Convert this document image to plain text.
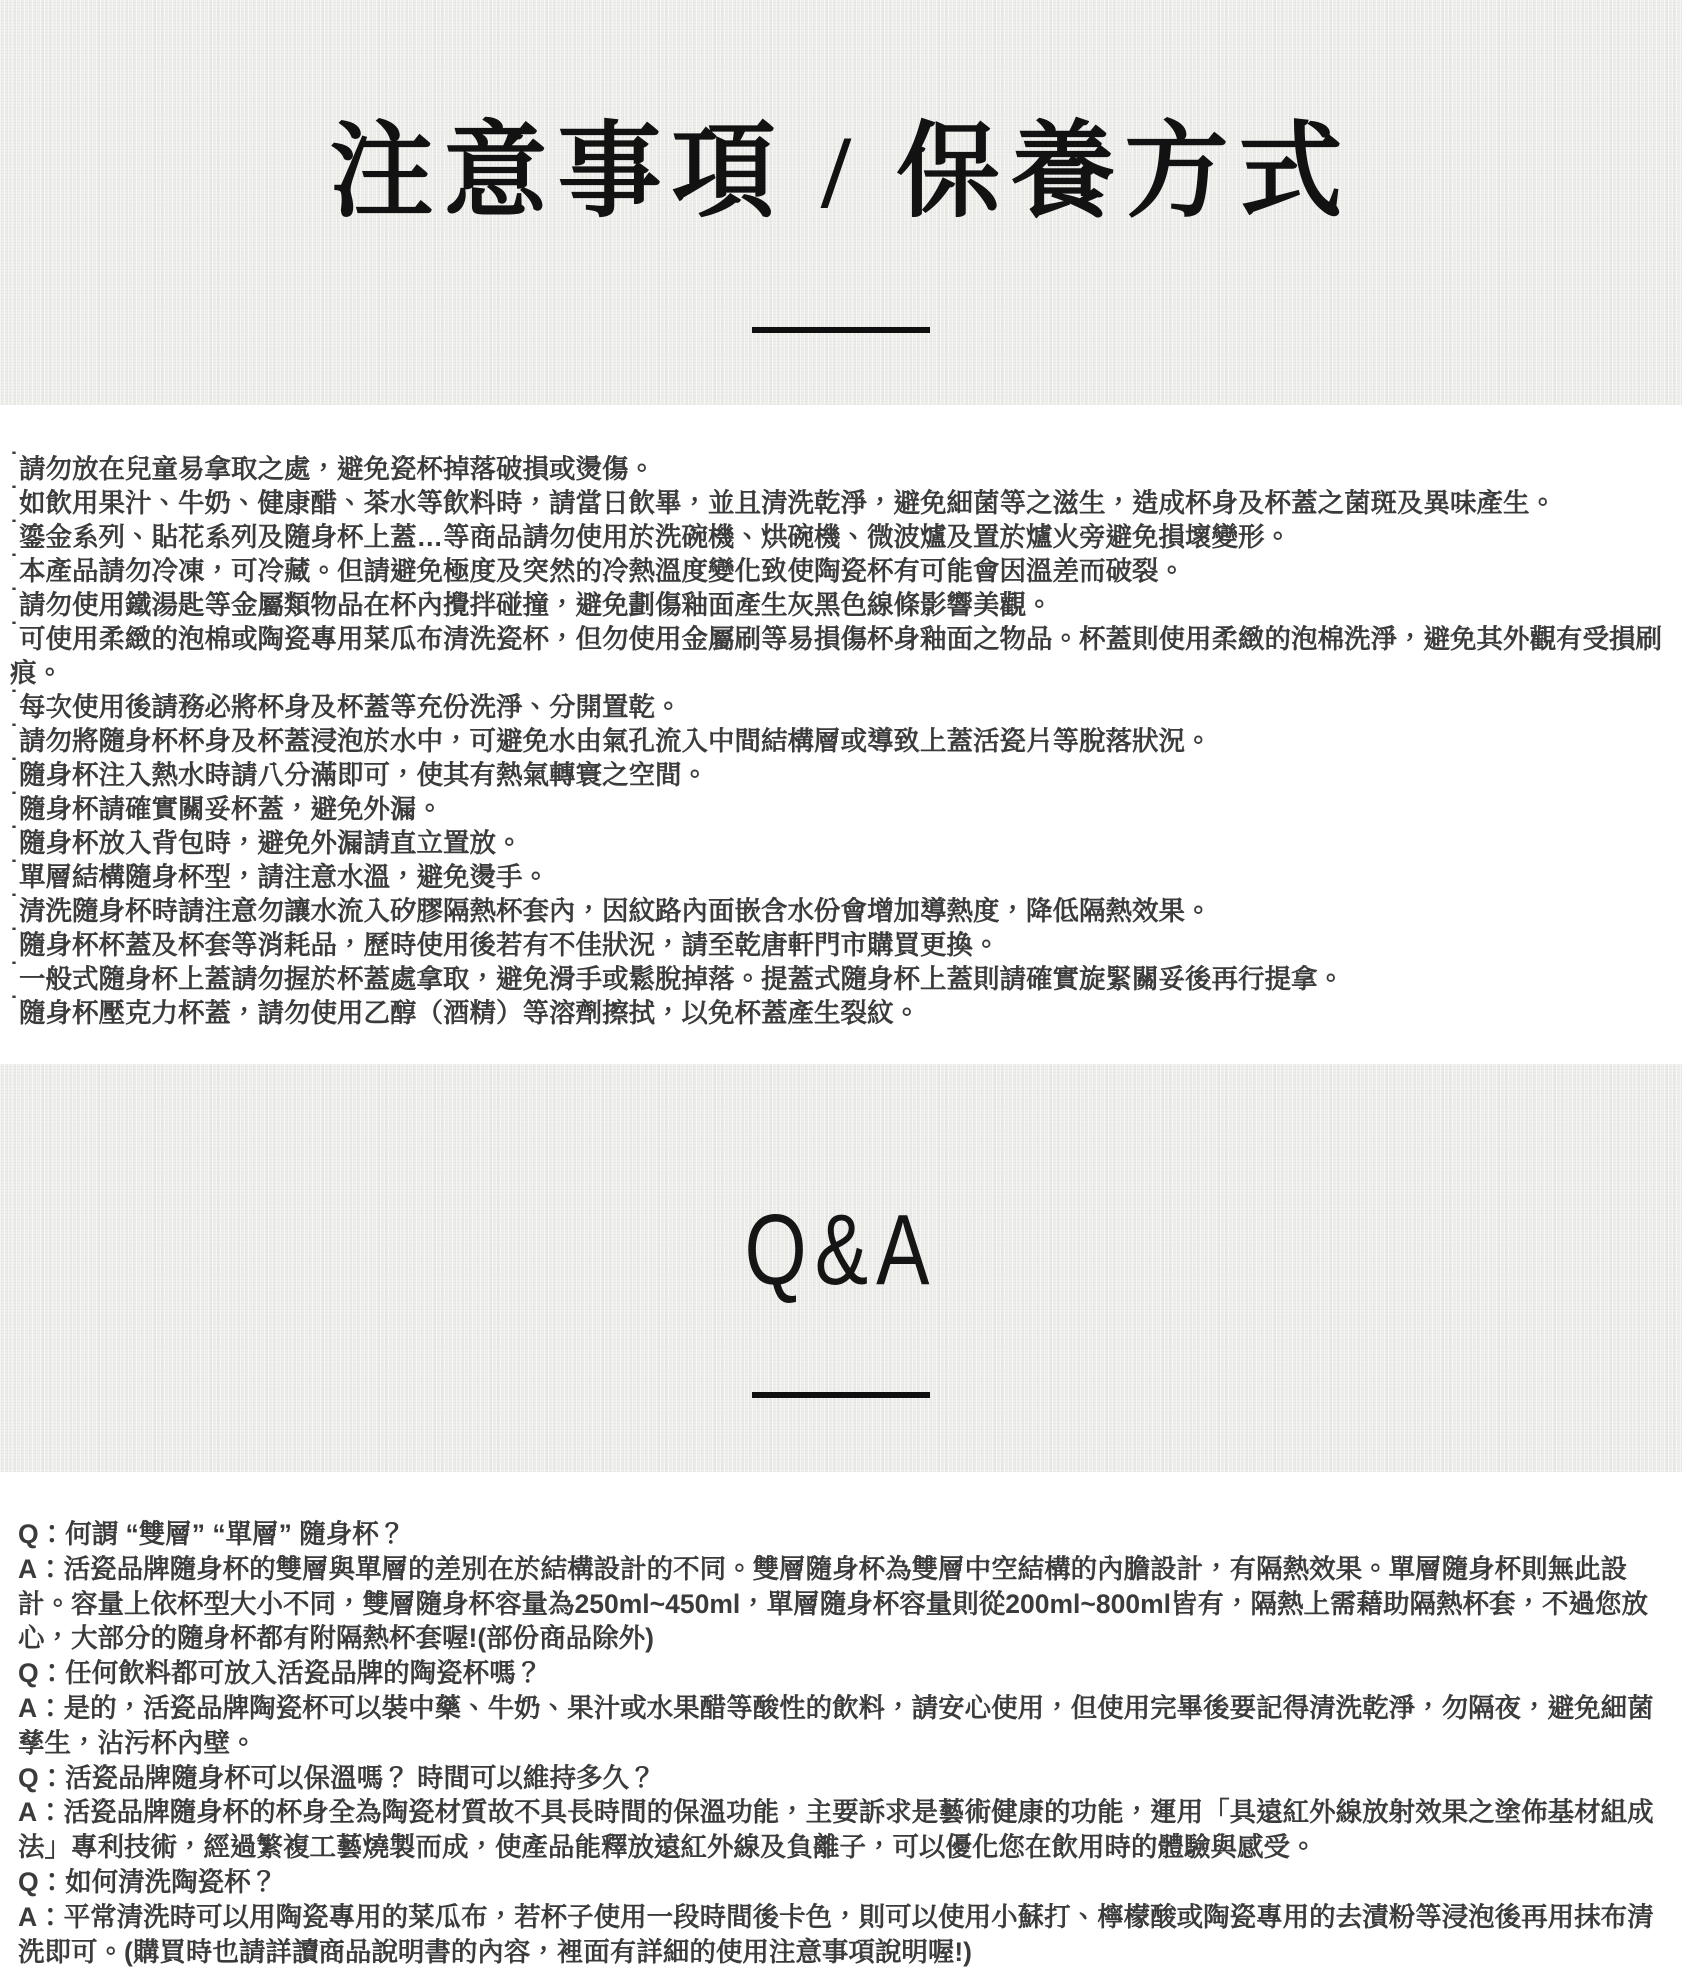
注意事項 / 保養方式

˙請勿放在兒童易拿取之處，避免瓷杯掉落破損或燙傷。

˙如飲用果汁、牛奶、健康醋、茶水等飲料時，請當日飲畢，並且清洗乾淨，避免細菌等之滋生，造成杯身及杯蓋之菌斑及異味產生。

˙鎏金系列、貼花系列及隨身杯上蓋…等商品請勿使用於洗碗機、烘碗機、微波爐及置於爐火旁避免損壞變形。

˙本產品請勿冷凍，可冷藏。但請避免極度及突然的冷熱溫度變化致使陶瓷杯有可能會因溫差而破裂。

˙請勿使用鐵湯匙等金屬類物品在杯內攪拌碰撞，避免劃傷釉面產生灰黑色線條影響美觀。

˙可使用柔緻的泡棉或陶瓷專用菜瓜布清洗瓷杯，但勿使用金屬刷等易損傷杯身釉面之物品。杯蓋則使用柔緻的泡棉洗淨，避免其外觀有受損刷痕。

˙每次使用後請務必將杯身及杯蓋等充份洗淨、分開置乾。

˙請勿將隨身杯杯身及杯蓋浸泡於水中，可避免水由氣孔流入中間結構層或導致上蓋活瓷片等脫落狀況。

˙隨身杯注入熱水時請八分滿即可，使其有熱氣轉寰之空間。

˙隨身杯請確實關妥杯蓋，避免外漏。

˙隨身杯放入背包時，避免外漏請直立置放。

˙單層結構隨身杯型，請注意水溫，避免燙手。

˙清洗隨身杯時請注意勿讓水流入矽膠隔熱杯套內，因紋路內面嵌含水份會增加導熱度，降低隔熱效果。

˙隨身杯杯蓋及杯套等消耗品，歷時使用後若有不佳狀況，請至乾唐軒門市購買更換。

˙一般式隨身杯上蓋請勿握於杯蓋處拿取，避免滑手或鬆脫掉落。提蓋式隨身杯上蓋則請確實旋緊關妥後再行提拿。

˙隨身杯壓克力杯蓋，請勿使用乙醇（酒精）等溶劑擦拭，以免杯蓋產生裂紋。

Q&A

Q：何謂 “雙層” “單層” 隨身杯？

A：活瓷品牌隨身杯的雙層與單層的差別在於結構設計的不同。雙層隨身杯為雙層中空結構的內膽設計，有隔熱效果。單層隨身杯則無此設計。容量上依杯型大小不同，雙層隨身杯容量為250ml~450ml，單層隨身杯容量則從200ml~800ml皆有，隔熱上需藉助隔熱杯套，不過您放心，大部分的隨身杯都有附隔熱杯套喔!(部份商品除外)

Q：任何飲料都可放入活瓷品牌的陶瓷杯嗎？

A：是的，活瓷品牌陶瓷杯可以裝中藥、牛奶、果汁或水果醋等酸性的飲料，請安心使用，但使用完畢後要記得清洗乾淨，勿隔夜，避免細菌孳生，沾污杯內壁。

Q：活瓷品牌隨身杯可以保溫嗎？ 時間可以維持多久？

A：活瓷品牌隨身杯的杯身全為陶瓷材質故不具長時間的保溫功能，主要訴求是藝術健康的功能，運用「具遠紅外線放射效果之塗佈基材組成法」專利技術，經過繁複工藝燒製而成，使產品能釋放遠紅外線及負離子，可以優化您在飲用時的體驗與感受。

Q：如何清洗陶瓷杯？

A：平常清洗時可以用陶瓷專用的菜瓜布，若杯子使用一段時間後卡色，則可以使用小蘇打、檸檬酸或陶瓷專用的去漬粉等浸泡後再用抹布清洗即可。(購買時也請詳讀商品說明書的內容，裡面有詳細的使用注意事項說明喔!)
